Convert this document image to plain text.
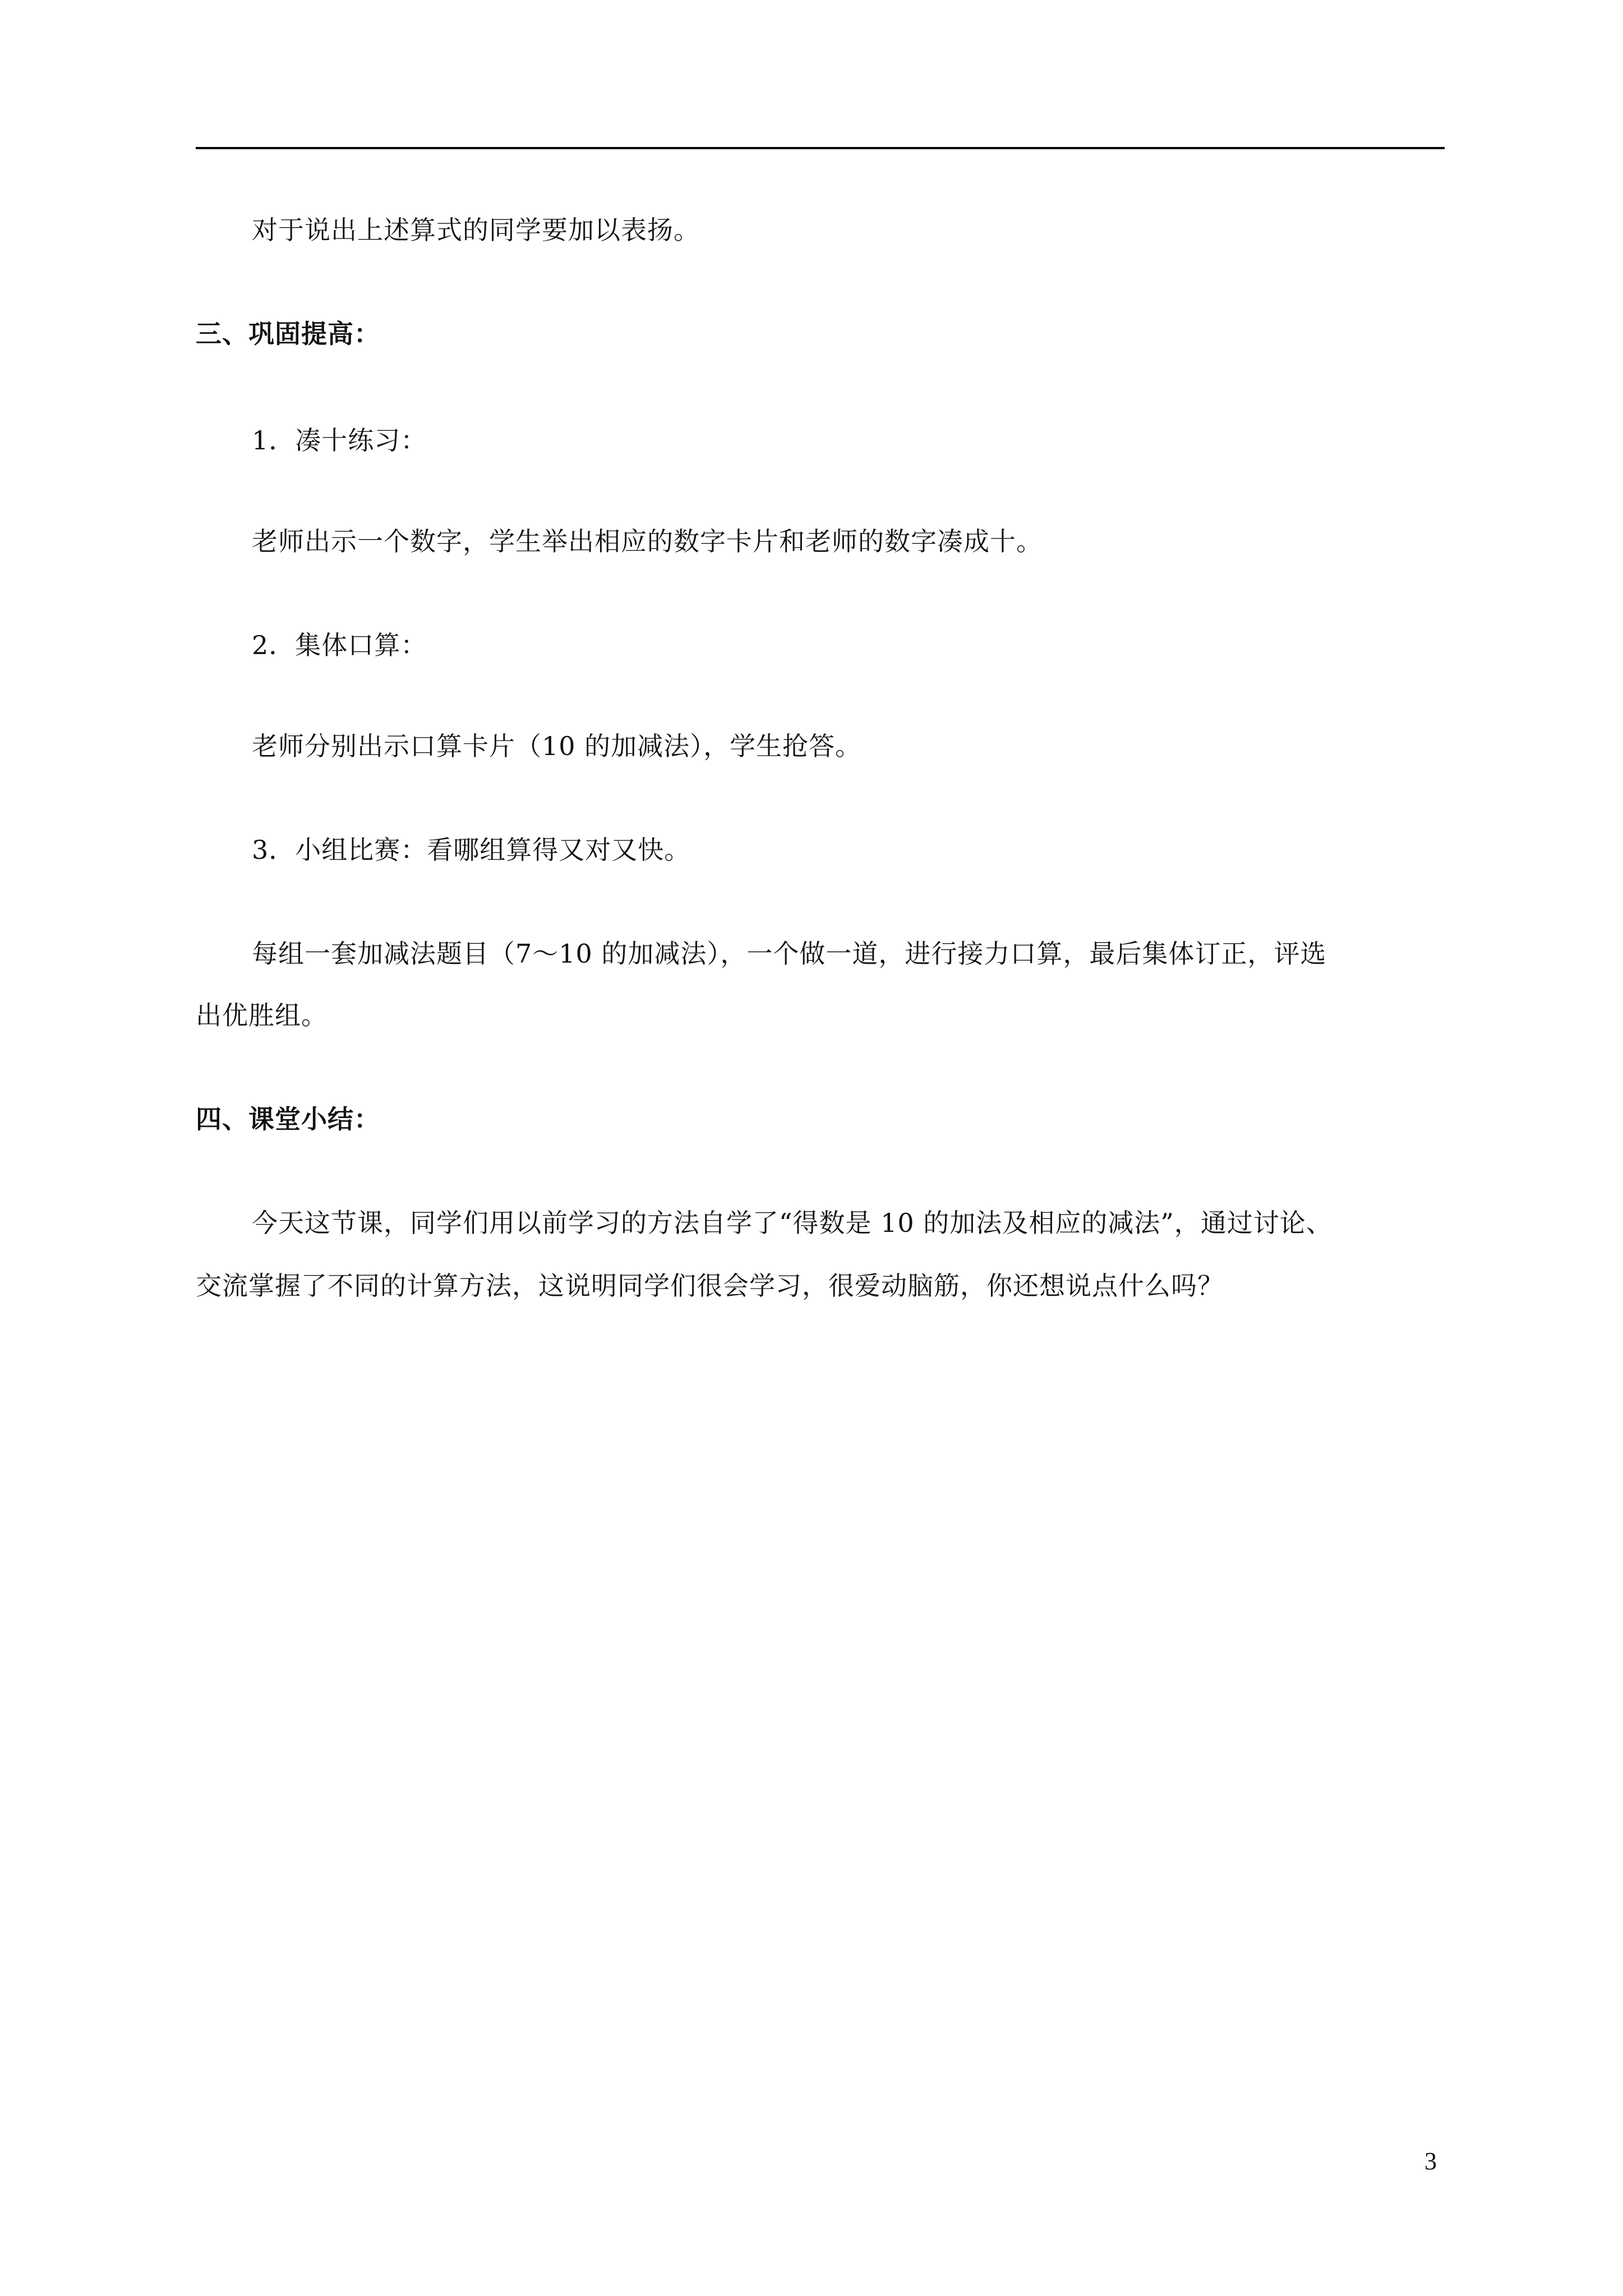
对于说出上述算式的同学要加以表扬。
三、巩固提高：
1．凑十练习：
老师出示一个数字，学生举出相应的数字卡片和老师的数字凑成十。
2．集体口算：
老师分别出示口算卡片（10 的加减法），学生抢答。
3．小组比赛：看哪组算得又对又快。
每组一套加减法题目（7～10 的加减法），一个做一道，进行接力口算，最后集体订正，评选
出优胜组。
四、课堂小结：
今天这节课，同学们用以前学习的方法自学了“得数是 10 的加法及相应的减法”，通过讨论、
交流掌握了不同的计算方法，这说明同学们很会学习，很爱动脑筋，你还想说点什么吗？
3
